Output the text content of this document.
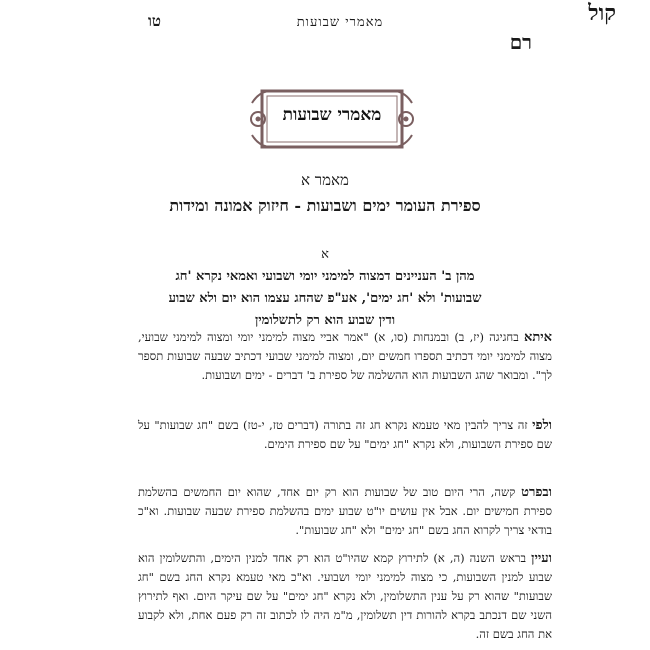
מאמרי שבועות
טו	קול
רם
מאמרי שבועות
מאמר א
ספירת העומר ימים ושבועות - חיזוק אמונה ומידות
א
מהן ב' העניינים דמצוה למימני יומי ושבועי ואמאי נקרא 'חג
שבועות' ולא 'חג ימים', אע"פ שהחג עצמו הוא יום ולא שבוע
ודין שבוע הוא רק לתשלומין
איתא בחגיגה (יז, ב) ובמנחות (סו, א) "אמר אביי מצוה למימני יומי ומצוה למימני שבועי, מצוה למימני יומי דכתיב תספרו חמשים יום, ומצוה למימני שבועי דכתיב שבעה שבועות תספר לך". ומבואר שהג השבועות הוא ההשלמה של ספירת ב' דברים - ימים ושבועות.
ולפי זה צריך להבין מאי טעמא נקרא חג זה בתורה (דברים טז, י-טז) בשם "חג שבועות" על שם ספירת השבועות, ולא נקרא "חג ימים" על שם ספירת הימים.
ובפרט קשה, הרי היום טוב של שבועות הוא רק יום אחד, שהוא יום החמשים בהשלמת ספירת חמישים יום. אבל אין עושים יו"ט שבוע ימים בהשלמת ספירת שבעה שבועות. וא"כ בודאי צריך לקרוא החג בשם "חג ימים" ולא "חג שבועות".
ועיין בראש השנה (ה, א) לתירוץ קמא שהיו"ט הוא רק אחד למנין הימים, והתשלומין הוא שבוע למנין השבועות, כי מצוה למימני יומי ושבועי. וא"כ מאי טעמא נקרא החג בשם "חג שבועות" שהוא רק על ענין התשלומין, ולא נקרא "חג ימים" על שם עיקר היום. ואף לתירוץ השני שם דנכתב בקרא להורות דין תשלומין, מ"מ היה לו לכתוב זה רק פעם אחת, ולא לקבוע את החג בשם זה.
